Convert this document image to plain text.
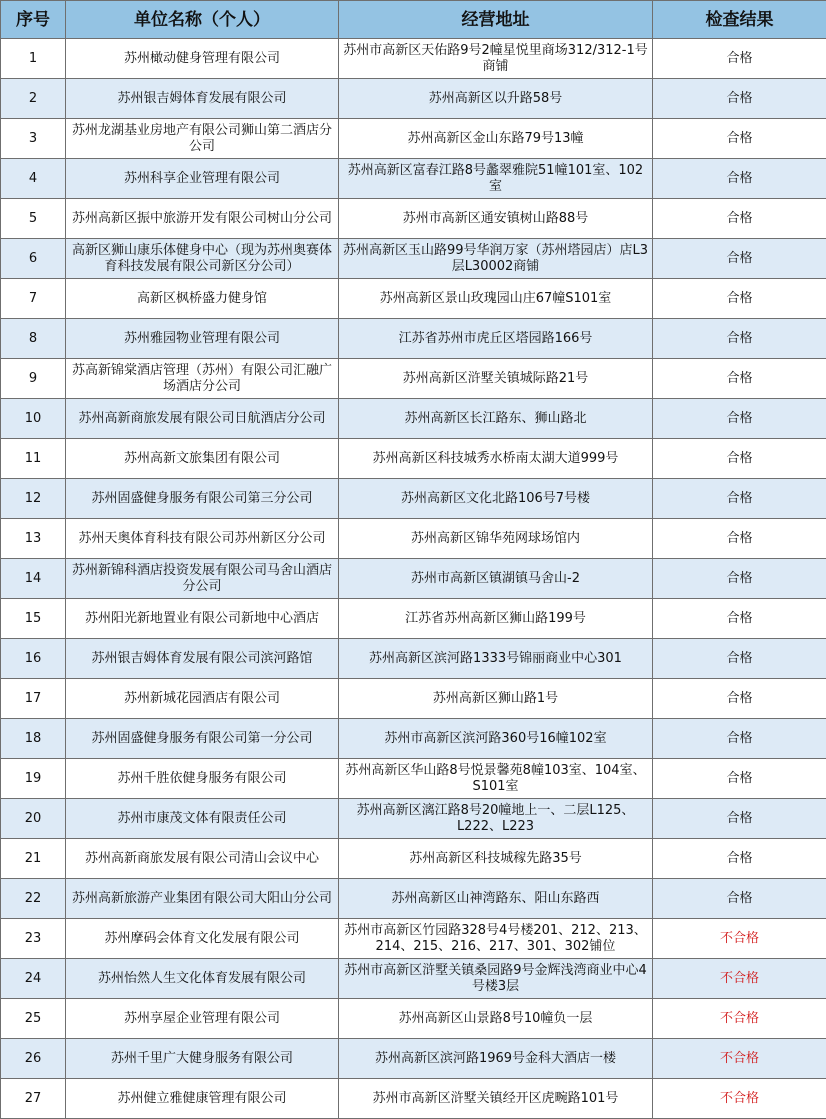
序号	单位名称（个人）	经营地址	检查结果
1	苏州橄动健身管理有限公司	苏州市高新区天佑路9号2幢星悦里商场312/312-1号商铺	合格
2	苏州银吉姆体育发展有限公司	苏州高新区以升路58号	合格
3	苏州龙湖基业房地产有限公司狮山第二酒店分公司	苏州高新区金山东路79号13幢	合格
4	苏州科享企业管理有限公司	苏州高新区富春江路8号蠡翠雅院51幢101室、102室	合格
5	苏州高新区振中旅游开发有限公司树山分公司	苏州市高新区通安镇树山路88号	合格
6	高新区狮山康乐体健身中心（现为苏州奥赛体育科技发展有限公司新区分公司）	苏州高新区玉山路99号华润万家（苏州塔园店）店L3层L30002商铺	合格
7	高新区枫桥盛力健身馆	苏州高新区景山玫瑰园山庄67幢S101室	合格
8	苏州雅园物业管理有限公司	江苏省苏州市虎丘区塔园路166号	合格
9	苏高新锦棠酒店管理（苏州）有限公司汇融广场酒店分公司	苏州高新区浒墅关镇城际路21号	合格
10	苏州高新商旅发展有限公司日航酒店分公司	苏州高新区长江路东、狮山路北	合格
11	苏州高新文旅集团有限公司	苏州高新区科技城秀水桥南太湖大道999号	合格
12	苏州固盛健身服务有限公司第三分公司	苏州高新区文化北路106号7号楼	合格
13	苏州天奥体育科技有限公司苏州新区分公司	苏州高新区锦华苑网球场馆内	合格
14	苏州新锦科酒店投资发展有限公司马舍山酒店分公司	苏州市高新区镇湖镇马舍山-2	合格
15	苏州阳光新地置业有限公司新地中心酒店	江苏省苏州高新区狮山路199号	合格
16	苏州银吉姆体育发展有限公司滨河路馆	苏州高新区滨河路1333号锦丽商业中心301	合格
17	苏州新城花园酒店有限公司	苏州高新区狮山路1号	合格
18	苏州固盛健身服务有限公司第一分公司	苏州市高新区滨河路360号16幢102室	合格
19	苏州千胜依健身服务有限公司	苏州高新区华山路8号悦景馨苑8幢103室、104室、S101室	合格
20	苏州市康茂文体有限责任公司	苏州高新区漓江路8号20幢地上一、二层L125、L222、L223	合格
21	苏州高新商旅发展有限公司清山会议中心	苏州高新区科技城稼先路35号	合格
22	苏州高新旅游产业集团有限公司大阳山分公司	苏州高新区山神湾路东、阳山东路西	合格
23	苏州摩码会体育文化发展有限公司	苏州市高新区竹园路328号4号楼201、212、213、214、215、216、217、301、302铺位	不合格
24	苏州怡然人生文化体育发展有限公司	苏州市高新区浒墅关镇桑园路9号金辉浅湾商业中心4号楼3层	不合格
25	苏州享屋企业管理有限公司	苏州高新区山景路8号10幢负一层	不合格
26	苏州千里广大健身服务有限公司	苏州高新区滨河路1969号金科大酒店一楼	不合格
27	苏州健立雅健康管理有限公司	苏州市高新区浒墅关镇经开区虎畹路101号	不合格
